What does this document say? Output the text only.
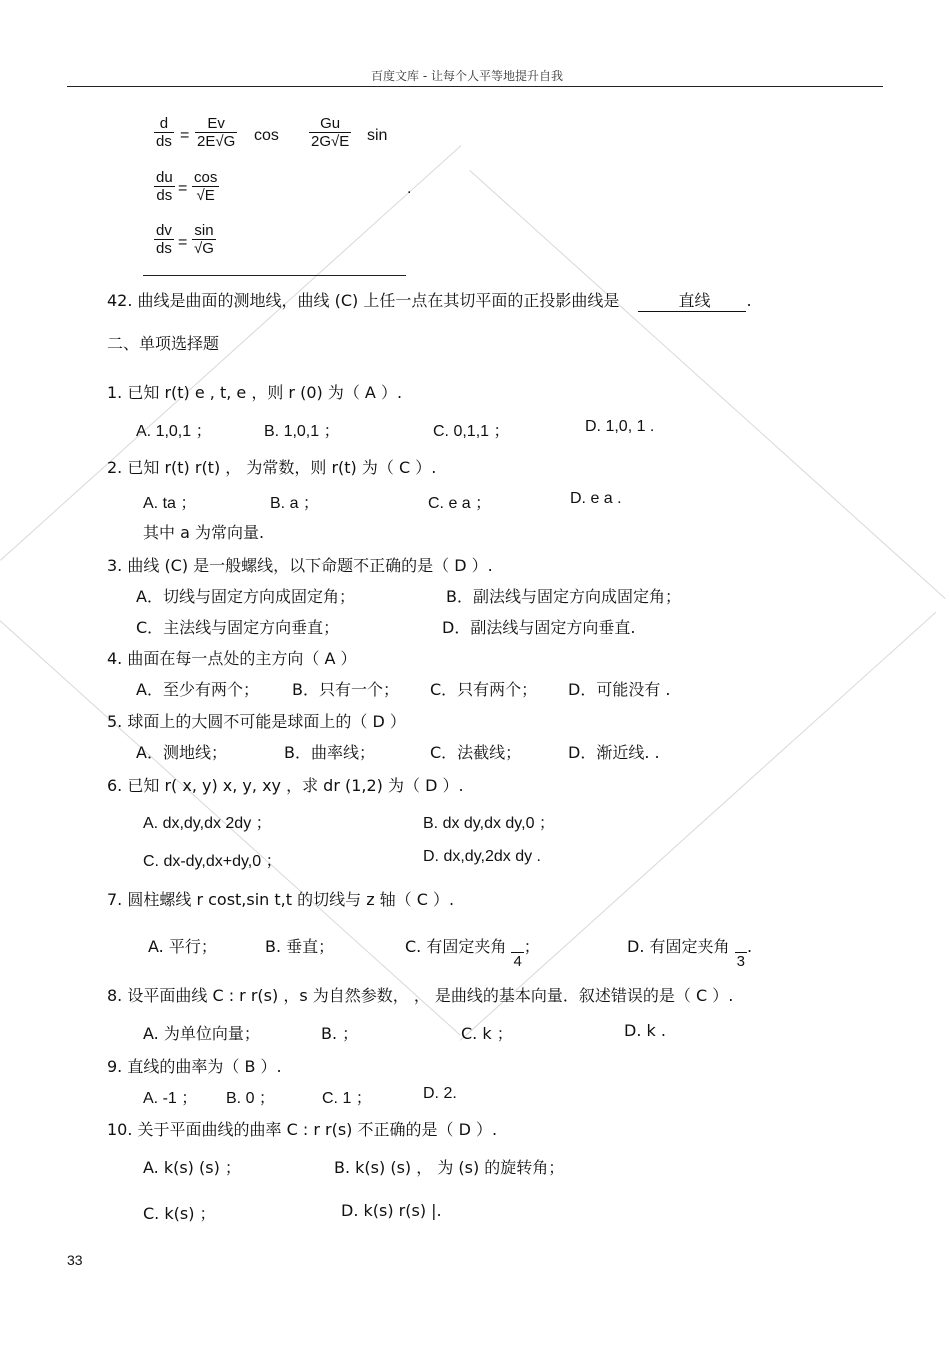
百度文库 - 让每个人平等地提升自我
$\frac{d}{ds} = \frac{Ev}{2E√G}$ $\cos \frac{Gu}{2G√E}$ sin
$\frac{du}{ds} = \frac{\cos}{√E}$	.
$\frac{dv}{ds} = \frac{\sin}{√G}$
42. 曲线是曲面的测地线，曲线 (C) 上任一点在其切平面的正投影曲线是	直线 .
二、单项选择题
1. 已知 r(t) e , t, e ，则 r (0) 为（ A ）.
A. 1,0,1 ；	B. 1,0,1 ；	C. 0,1,1 ；	D. 1,0, 1 .
2. 已知 r(t) r(t) ， 为常数，则 r(t) 为（ C ）.
A. ta ；	B. a ；	C. e a ；	D. e a .
其中 a 为常向量.
3. 曲线 (C) 是一般螺线，以下命题不正确的是（ D ）.
A．切线与固定方向成固定角；	B．副法线与固定方向成固定角；
C．主法线与固定方向垂直；	D．副法线与固定方向垂直.
4. 曲面在每一点处的主方向（ A ）
A．至少有两个； B．只有一个； C．只有两个； D．可能没有 .
5. 球面上的大圆不可能是球面上的（ D ）
A．测地线；	B．曲率线；	C．法截线；	D．渐近线. .
6. 已知 r( x, y) x, y, xy ，求 dr (1,2) 为（ D ）.
A. dx,dy,dx 2dy ；	B. dx dy,dx dy,0 ；
C. dx-dy,dx+dy,0 ；	D. dx,dy,2dx dy .
7. 圆柱螺线 r cost,sin t,t 的切线与 z 轴（ C ）.
A. 平行；	B. 垂直；	C. 有固定夹角

4
；	D. 有固定夹角

3
.
8. 设平面曲线 C : r r(s) ，s 为自然参数， ， 是曲线的基本向量．叙述错误的是（ C ）.
A. 为单位向量；	B. ；	C. k ；	D. k .
9. 直线的曲率为（ B ）.
A. -1 ； B. 0 ；	C. 1 ；	D. 2.
10. 关于平面曲线的曲率 C : r r(s) 不正确的是（ D ）.
A. k(s) (s) ；	B. k(s) (s) ， 为 (s) 的旋转角；
C. k(s) ；	D. k(s) r(s) |.
33
